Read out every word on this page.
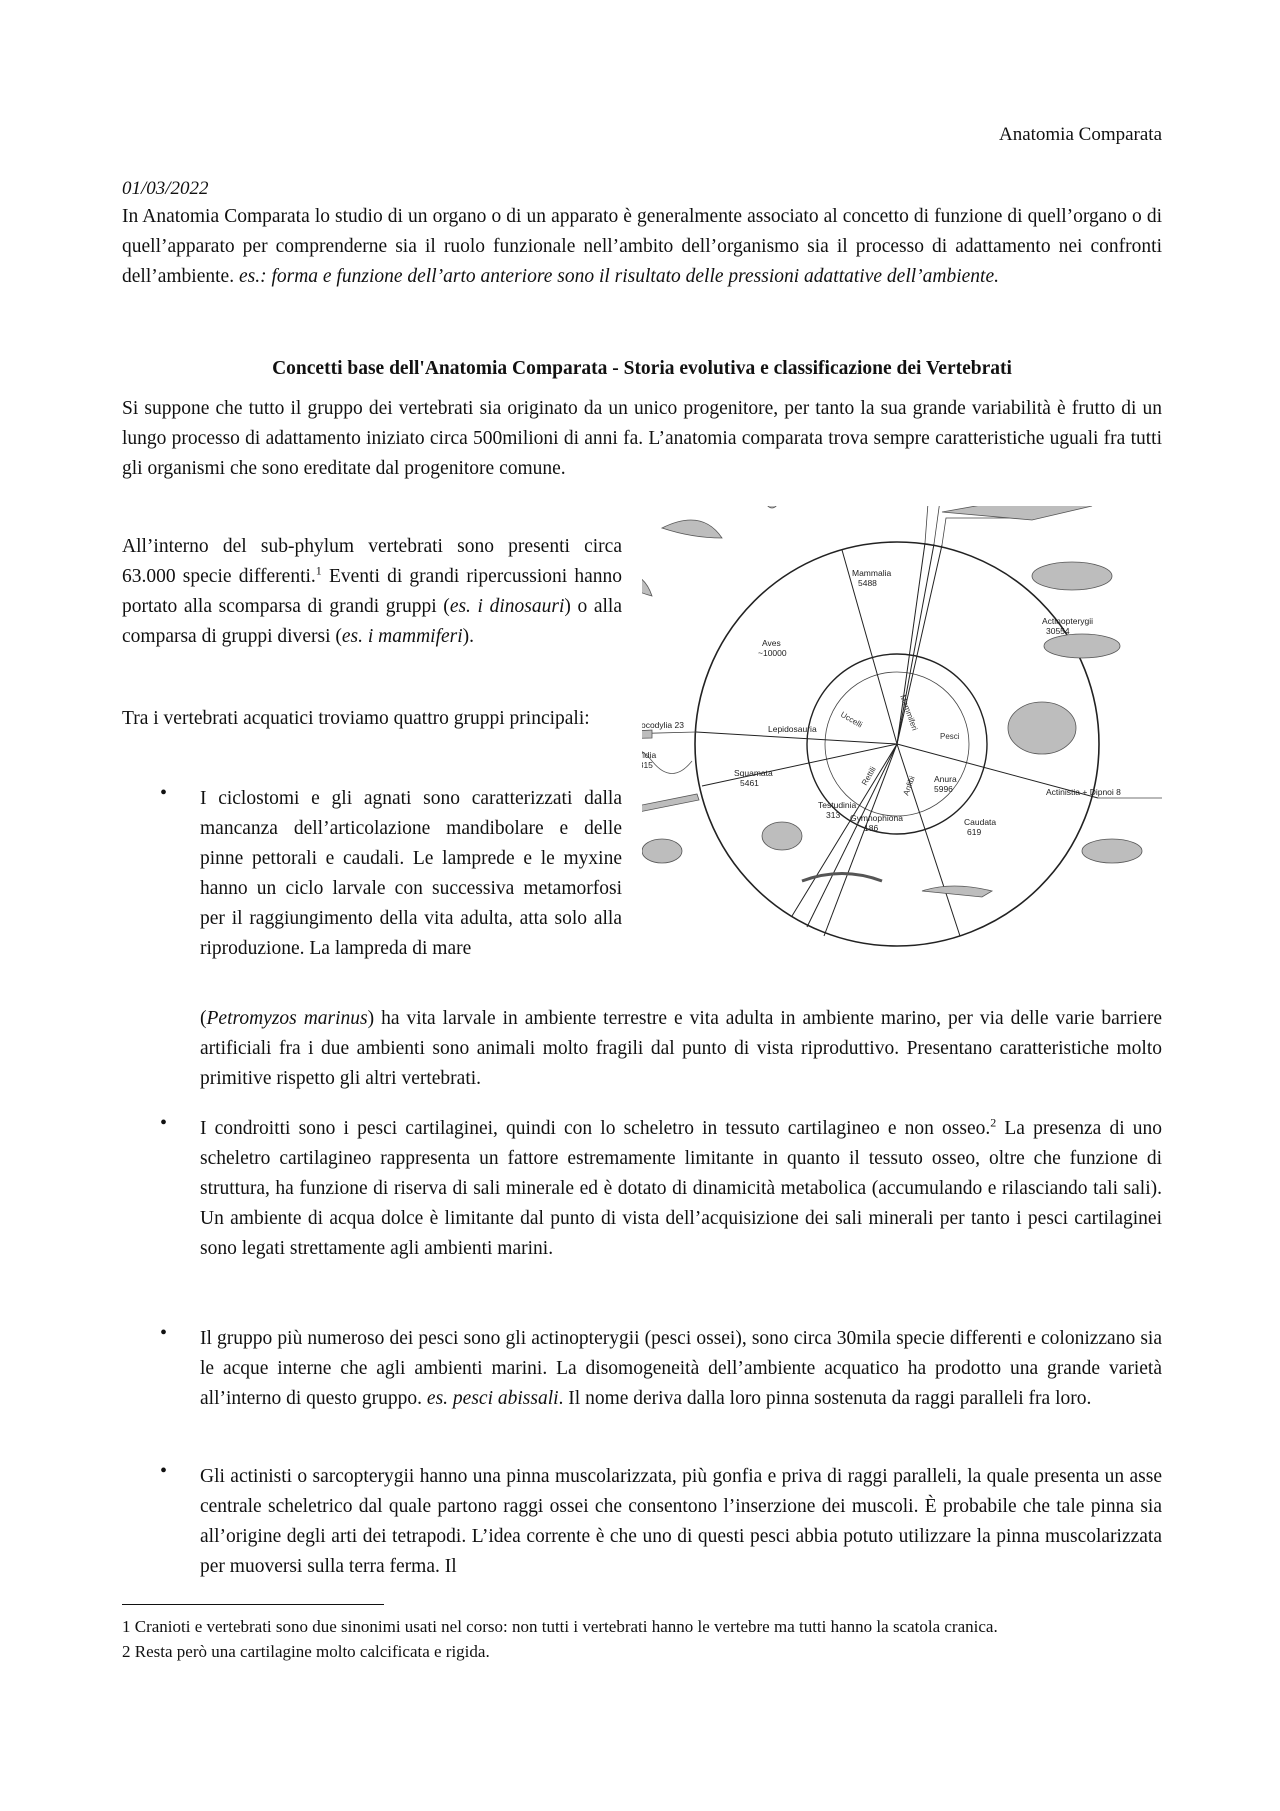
Anatomia Comparata
01/03/2022
In Anatomia Comparata lo studio di un organo o di un apparato è generalmente associato al concetto di funzione di quell’organo o di quell’apparato per comprenderne sia il ruolo funzionale nell’ambito dell’organismo sia il processo di adattamento nei confronti dell’ambiente. es.: forma e funzione dell’arto anteriore sono il risultato delle pressioni adattative dell’ambiente.
Concetti base dell'Anatomia Comparata - Storia evolutiva e classificazione dei Vertebrati
Si suppone che tutto il gruppo dei vertebrati sia originato da un unico progenitore, per tanto la sua grande variabilità è frutto di un lungo processo di adattamento iniziato circa 500milioni di anni fa. L’anatomia comparata trova sempre caratteristiche uguali fra tutti gli organismi che sono ereditate dal progenitore comune.
All’interno del sub-phylum vertebrati sono presenti circa 63.000 specie differenti.$^1$ Eventi di grandi ripercussioni hanno portato alla scomparsa di grandi gruppi (es. i dinosauri) o alla comparsa di gruppi diversi (es. i mammiferi).
Tra i vertebrati acquatici troviamo quattro gruppi principali:
• I ciclostomi e gli agnati sono caratterizzati dalla mancanza dell’articolazione mandibolare e delle pinne pettorali e caudali. Le lamprede e le myxine hanno un ciclo larvale con successiva metamorfosi per il raggiungimento della vita adulta, atta solo alla riproduzione. La lampreda di mare
(Petromyzos marinus) ha vita larvale in ambiente terrestre e vita adulta in ambiente marino, per via delle varie barriere artificiali fra i due ambienti sono animali molto fragili dal punto di vista riproduttivo. Presentano caratteristiche molto primitive rispetto gli altri vertebrati.
• I condroitti sono i pesci cartilaginei, quindi con lo scheletro in tessuto cartilagineo e non osseo.$^2$ La presenza di uno scheletro cartilagineo rappresenta un fattore estremamente limitante in quanto il tessuto osseo, oltre che funzione di struttura, ha funzione di riserva di sali minerale ed è dotato di dinamicità metabolica (accumulando e rilasciando tali sali). Un ambiente di acqua dolce è limitante dal punto di vista dell’acquisizione dei sali minerali per tanto i pesci cartilaginei sono legati strettamente agli ambienti marini.
• Il gruppo più numeroso dei pesci sono gli actinopterygii (pesci ossei), sono circa 30mila specie differenti e colonizzano sia le acque interne che agli ambienti marini. La disomogeneità dell’ambiente acquatico ha prodotto una grande varietà all’interno di questo gruppo. es. pesci abissali. Il nome deriva dalla loro pinna sostenuta da raggi paralleli fra loro.
• Gli actinisti o sarcopterygii hanno una pinna muscolarizzata, più gonfia e priva di raggi paralleli, la quale presenta un asse centrale scheletrico dal quale partono raggi ossei che consentono l’inserzione dei muscoli. È probabile che tale pinna sia all’origine degli arti dei tetrapodi. L’idea corrente è che uno di questi pesci abbia potuto utilizzare la pinna muscolarizzata per muoversi sulla terra ferma. Il
1 Cranioti e vertebrati sono due sinonimi usati nel corso: non tutti i vertebrati hanno le vertebre ma tutti hanno la scatola cranica.
2 Resta però una cartilagine molto calcificata e rigida.
Actinopterygii
30554
Actinistia + Dipnoi 8
Caudata
619
Gymnophiona
186
Anura
5996
Testudinia
313
Squamata
5461
idia
15
ocodylia 23	Lepidosauria
Aves
~10000
Mammalia
5488
Mammiferi
Pesci
Anfibi
Rettili
Uccelli
